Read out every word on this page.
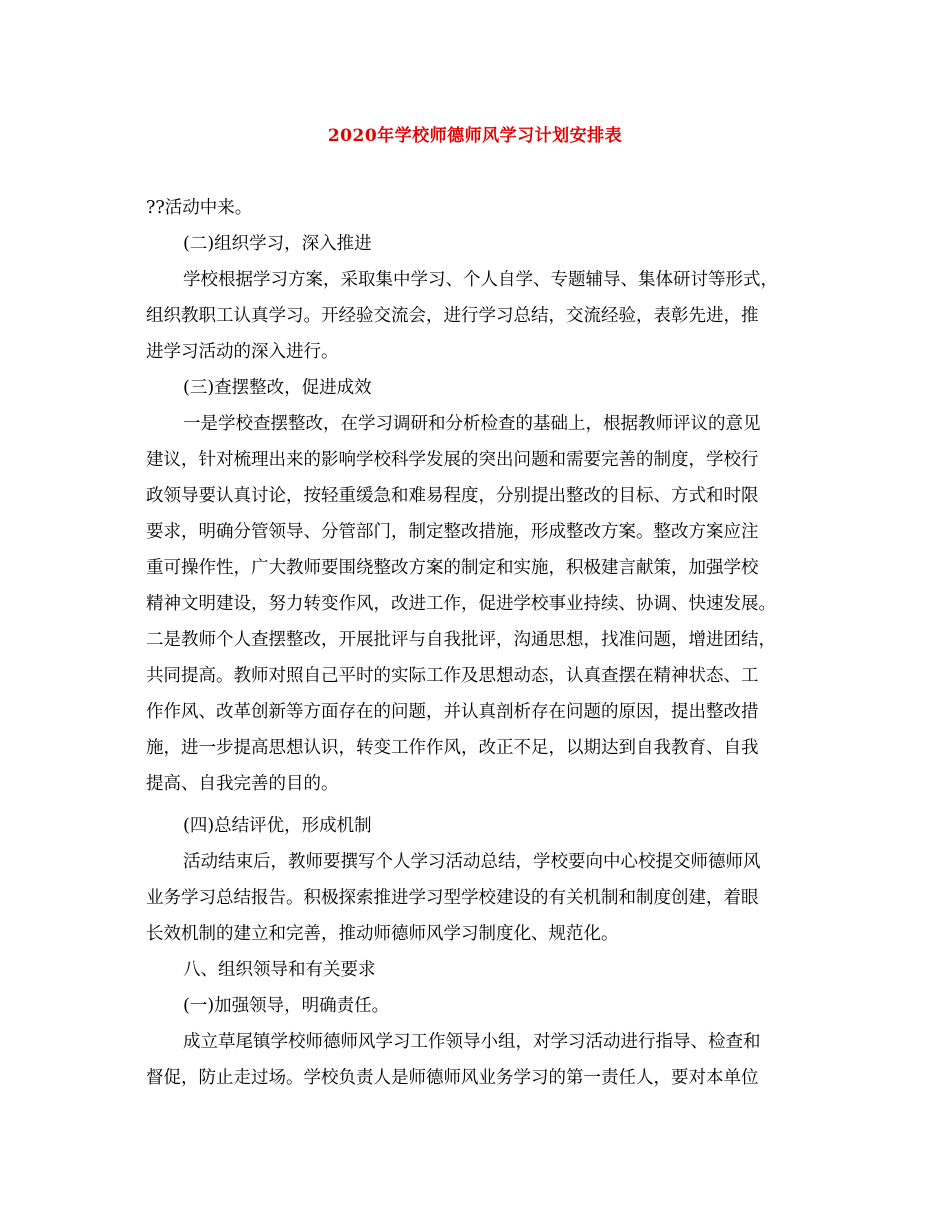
2020年学校师德师风学习计划安排表
??活动中来。
(二)组织学习，深入推进
学校根据学习方案，采取集中学习、个人自学、专题辅导、集体研讨等形式，
组织教职工认真学习。开经验交流会，进行学习总结，交流经验，表彰先进，推
进学习活动的深入进行。
(三)查摆整改，促进成效
一是学校查摆整改，在学习调研和分析检查的基础上，根据教师评议的意见
建议，针对梳理出来的影响学校科学发展的突出问题和需要完善的制度，学校行
政领导要认真讨论，按轻重缓急和难易程度，分别提出整改的目标、方式和时限
要求，明确分管领导、分管部门，制定整改措施，形成整改方案。整改方案应注
重可操作性，广大教师要围绕整改方案的制定和实施，积极建言献策，加强学校
精神文明建设，努力转变作风，改进工作，促进学校事业持续、协调、快速发展。
二是教师个人查摆整改，开展批评与自我批评，沟通思想，找准问题，增进团结，
共同提高。教师对照自己平时的实际工作及思想动态，认真查摆在精神状态、工
作作风、改革创新等方面存在的问题，并认真剖析存在问题的原因，提出整改措
施，进一步提高思想认识，转变工作作风，改正不足，以期达到自我教育、自我
提高、自我完善的目的。
(四)总结评优，形成机制
活动结束后，教师要撰写个人学习活动总结，学校要向中心校提交师德师风
业务学习总结报告。积极探索推进学习型学校建设的有关机制和制度创建，着眼
长效机制的建立和完善，推动师德师风学习制度化、规范化。
八、组织领导和有关要求
(一)加强领导，明确责任。
成立草尾镇学校师德师风学习工作领导小组，对学习活动进行指导、检查和
督促，防止走过场。学校负责人是师德师风业务学习的第一责任人，要对本单位
